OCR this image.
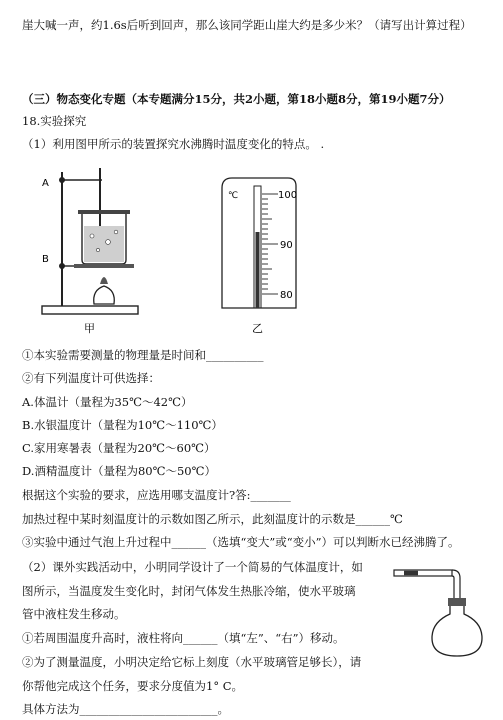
崖大喊一声，约1.6s后听到回声，那么该同学距山崖大约是多少米？（请写出计算过程）
（三）物态变化专题（本专题满分15分，共2小题，第18小题8分，第19小题7分）
18.实验探究
（1）利用图甲所示的装置探究水沸腾时温度变化的特点。 .
A
B
甲
℃	100
90
80
乙
①本实验需要测量的物理量是时间和__________
②有下列温度计可供选择：
A.体温计（量程为35℃～42℃）
B.水银温度计（量程为10℃～110℃）
C.家用寒暑表（量程为20℃～60℃）
D.酒精温度计（量程为80℃～50℃）
根据这个实验的要求，应选用哪支温度计?答:_______
加热过程中某时刻温度计的示数如图乙所示，此刻温度计的示数是______℃
③实验中通过气泡上升过程中______（选填“变大”或“变小”）可以判断水已经沸腾了。
（2）课外实践活动中，小明同学设计了一个简易的气体温度计，如
图所示，当温度发生变化时，封闭气体发生热胀冷缩，使水平玻璃
管中液柱发生移动。
①若周围温度升高时，液柱将向______（填“左”、“右”）移动。
②为了测量温度，小明决定给它标上刻度（水平玻璃管足够长），请
你帮他完成这个任务，要求分度值为1° C。
具体方法为________________________。
